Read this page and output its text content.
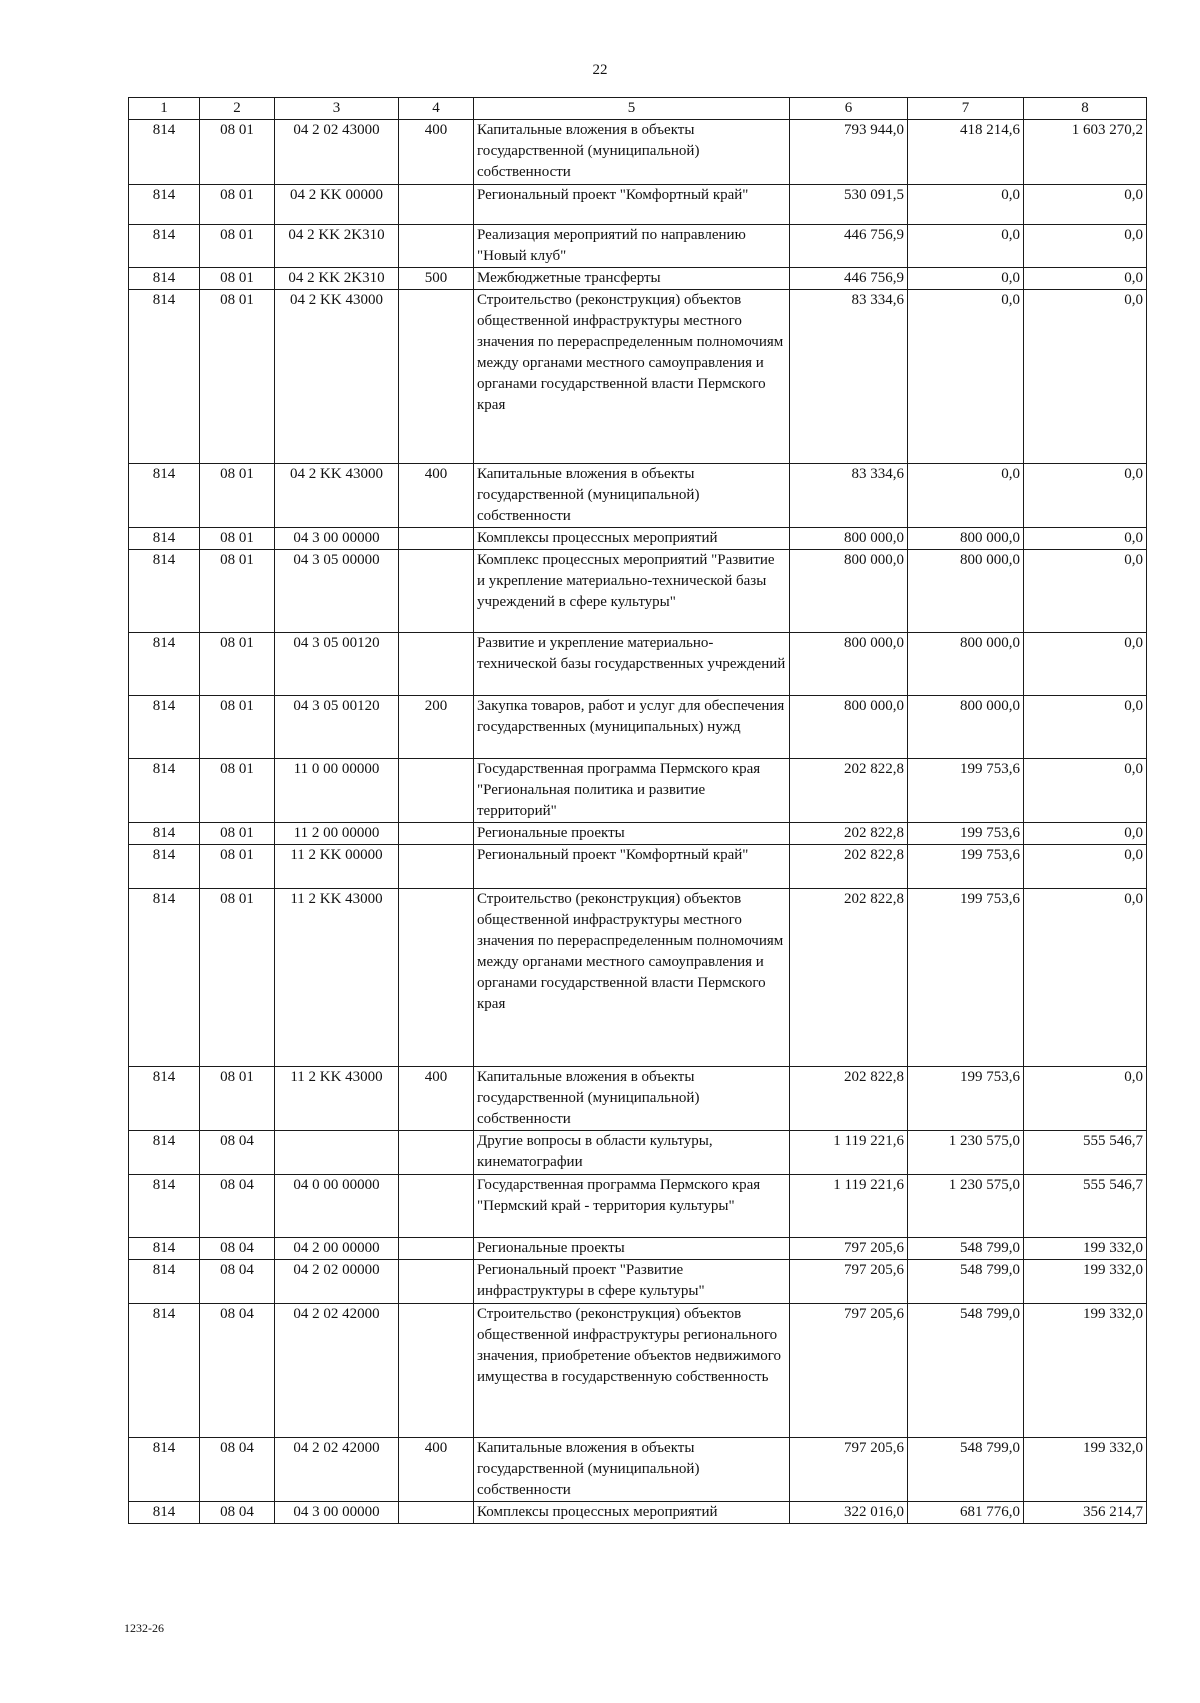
22
1	2	3	4	5	6	7	8
814	08 01	04 2 02 43000	400	Капитальные вложения в объекты государственной (муниципальной) собственности	793 944,0	418 214,6	1 603 270,2
814	08 01	04 2 KK 00000		Региональный проект "Комфортный край"	530 091,5	0,0	0,0
814	08 01	04 2 KK 2K310		Реализация мероприятий по направлению "Новый клуб"	446 756,9	0,0	0,0
814	08 01	04 2 KK 2K310	500	Межбюджетные трансферты	446 756,9	0,0	0,0
814	08 01	04 2 KK 43000		Строительство (реконструкция) объектов общественной инфраструктуры местного значения по перераспределенным полномочиям между органами местного самоуправления и органами государственной власти Пермского края	83 334,6	0,0	0,0
814	08 01	04 2 KK 43000	400	Капитальные вложения в объекты государственной (муниципальной) собственности	83 334,6	0,0	0,0
814	08 01	04 3 00 00000		Комплексы процессных мероприятий	800 000,0	800 000,0	0,0
814	08 01	04 3 05 00000		Комплекс процессных мероприятий "Развитие и укрепление материально-технической базы учреждений в сфере культуры"	800 000,0	800 000,0	0,0
814	08 01	04 3 05 00120		Развитие и укрепление материально-технической базы государственных учреждений	800 000,0	800 000,0	0,0
814	08 01	04 3 05 00120	200	Закупка товаров, работ и услуг для обеспечения государственных (муниципальных) нужд	800 000,0	800 000,0	0,0
814	08 01	11 0 00 00000		Государственная программа Пермского края "Региональная политика и развитие территорий"	202 822,8	199 753,6	0,0
814	08 01	11 2 00 00000		Региональные проекты	202 822,8	199 753,6	0,0
814	08 01	11 2 KK 00000		Региональный проект "Комфортный край"	202 822,8	199 753,6	0,0
814	08 01	11 2 KK 43000		Строительство (реконструкция) объектов общественной инфраструктуры местного значения по перераспределенным полномочиям между органами местного самоуправления и органами государственной власти Пермского края	202 822,8	199 753,6	0,0
814	08 01	11 2 KK 43000	400	Капитальные вложения в объекты государственной (муниципальной) собственности	202 822,8	199 753,6	0,0
814	08 04			Другие вопросы в области культуры, кинематографии	1 119 221,6	1 230 575,0	555 546,7
814	08 04	04 0 00 00000		Государственная программа Пермского края "Пермский край - территория культуры"	1 119 221,6	1 230 575,0	555 546,7
814	08 04	04 2 00 00000		Региональные проекты	797 205,6	548 799,0	199 332,0
814	08 04	04 2 02 00000		Региональный проект "Развитие инфраструктуры в сфере культуры"	797 205,6	548 799,0	199 332,0
814	08 04	04 2 02 42000		Строительство (реконструкция) объектов общественной инфраструктуры регионального значения, приобретение объектов недвижимого имущества в государственную собственность	797 205,6	548 799,0	199 332,0
814	08 04	04 2 02 42000	400	Капитальные вложения в объекты государственной (муниципальной) собственности	797 205,6	548 799,0	199 332,0
814	08 04	04 3 00 00000		Комплексы процессных мероприятий	322 016,0	681 776,0	356 214,7
1232-26
